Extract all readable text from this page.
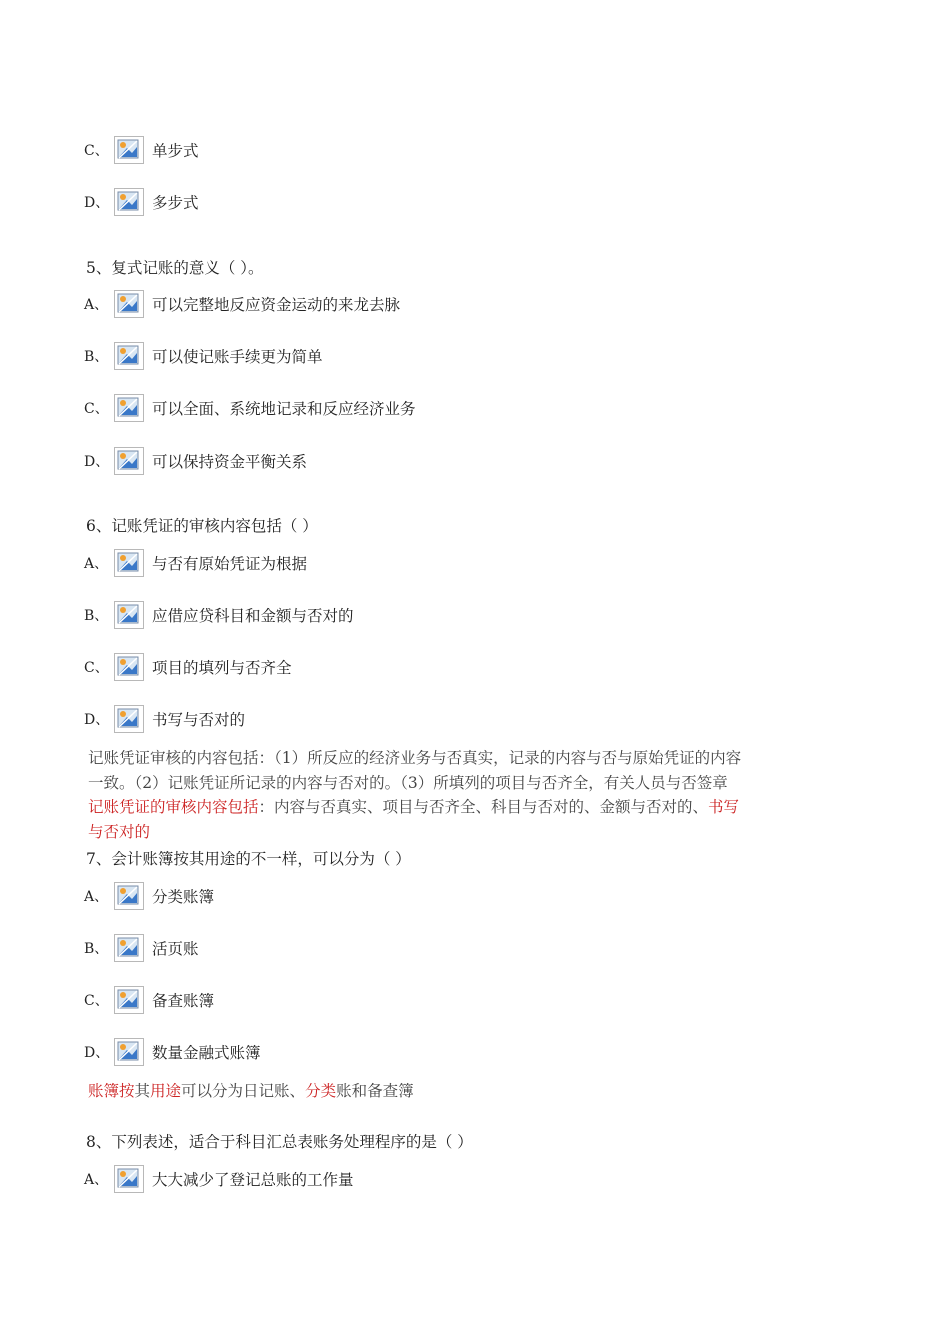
C、	单步式
D、	多步式
5、复式记账的意义（ ）。
A、	可以完整地反应资金运动的来龙去脉
B、	可以使记账手续更为简单
C、	可以全面、系统地记录和反应经济业务
D、	可以保持资金平衡关系
6、记账凭证的审核内容包括（ ）
A、	与否有原始凭证为根据
B、	应借应贷科目和金额与否对的
C、	项目的填列与否齐全
D、	书写与否对的
记账凭证审核的内容包括：（1）所反应的经济业务与否真实，记录的内容与否与原始凭证的内容
一致。（2）记账凭证所记录的内容与否对的。（3）所填列的项目与否齐全，有关人员与否签章
记账凭证的审核内容包括：内容与否真实、项目与否齐全、科目与否对的、金额与否对的、书写
与否对的
7、会计账簿按其用途的不一样，可以分为（ ）
A、	分类账簿
B、	活页账
C、	备查账簿
D、	数量金融式账簿
账簿按其用途可以分为日记账、分类账和备查簿
8、下列表述，适合于科目汇总表账务处理程序的是（ ）
A、	大大减少了登记总账的工作量
